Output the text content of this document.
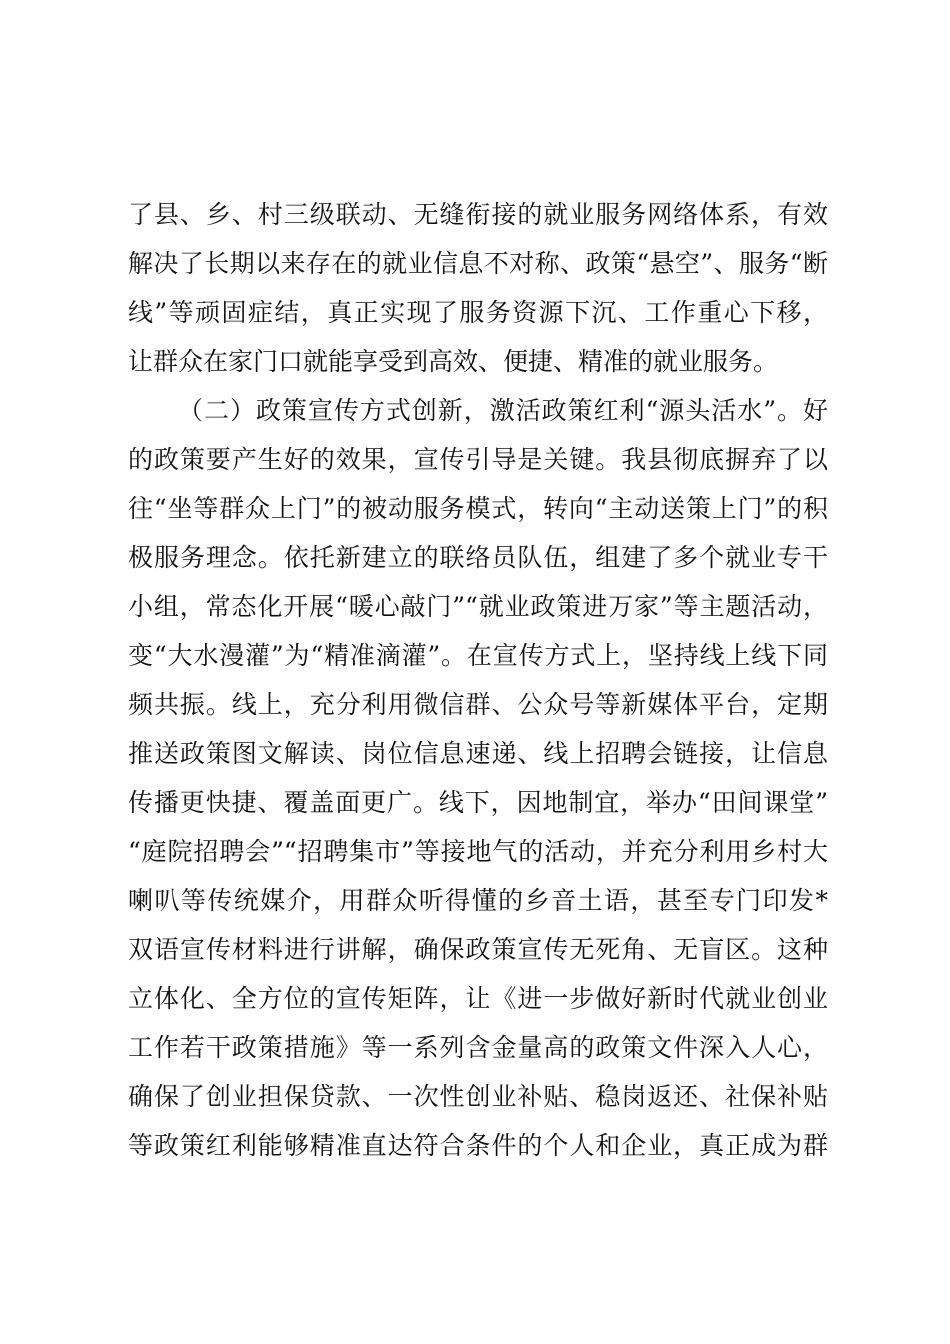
了县、乡、村三级联动、无缝衔接的就业服务网络体系，有效
解决了长期以来存在的就业信息不对称、政策“悬空”、服务“断
线”等顽固症结，真正实现了服务资源下沉、工作重心下移，
让群众在家门口就能享受到高效、便捷、精准的就业服务。
（二）政策宣传方式创新，激活政策红利“源头活水”。好
的政策要产生好的效果，宣传引导是关键。我县彻底摒弃了以
往“坐等群众上门”的被动服务模式，转向“主动送策上门”的积
极服务理念。依托新建立的联络员队伍，组建了多个就业专干
小组，常态化开展“暖心敲门”“就业政策进万家”等主题活动，
变“大水漫灌”为“精准滴灌”。在宣传方式上，坚持线上线下同
频共振。线上，充分利用微信群、公众号等新媒体平台，定期
推送政策图文解读、岗位信息速递、线上招聘会链接，让信息
传播更快捷、覆盖面更广。线下，因地制宜，举办“田间课堂”
“庭院招聘会”“招聘集市”等接地气的活动，并充分利用乡村大
喇叭等传统媒介，用群众听得懂的乡音土语，甚至专门印发*
双语宣传材料进行讲解，确保政策宣传无死角、无盲区。这种
立体化、全方位的宣传矩阵，让《进一步做好新时代就业创业
工作若干政策措施》等一系列含金量高的政策文件深入人心，
确保了创业担保贷款、一次性创业补贴、稳岗返还、社保补贴
等政策红利能够精准直达符合条件的个人和企业，真正成为群
